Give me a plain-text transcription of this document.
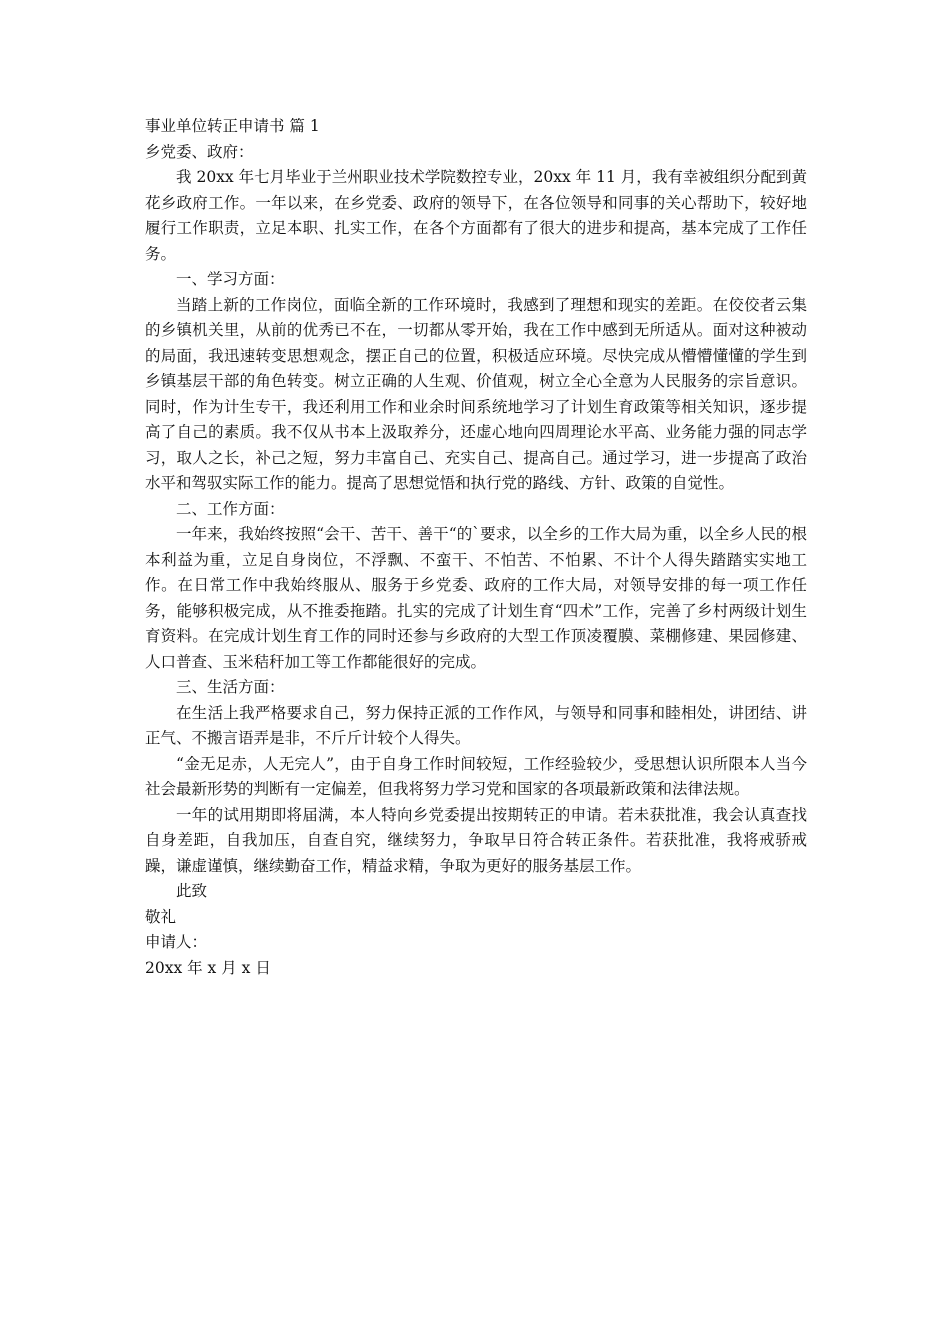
事业单位转正申请书 篇 1

乡党委、政府：

我 20xx 年七月毕业于兰州职业技术学院数控专业，20xx 年 11 月，我有幸被组织分配到黄花乡政府工作。一年以来，在乡党委、政府的领导下，在各位领导和同事的关心帮助下，较好地履行工作职责，立足本职、扎实工作，在各个方面都有了很大的进步和提高，基本完成了工作任务。

一、学习方面：

当踏上新的工作岗位，面临全新的工作环境时，我感到了理想和现实的差距。在佼佼者云集的乡镇机关里，从前的优秀已不在，一切都从零开始，我在工作中感到无所适从。面对这种被动的局面，我迅速转变思想观念，摆正自己的位置，积极适应环境。尽快完成从懵懵懂懂的学生到乡镇基层干部的角色转变。树立正确的人生观、价值观，树立全心全意为人民服务的宗旨意识。同时，作为计生专干，我还利用工作和业余时间系统地学习了计划生育政策等相关知识，逐步提高了自己的素质。我不仅从书本上汲取养分，还虚心地向四周理论水平高、业务能力强的同志学习，取人之长，补己之短，努力丰富自己、充实自己、提高自己。通过学习，进一步提高了政治水平和驾驭实际工作的能力。提高了思想觉悟和执行党的路线、方针、政策的自觉性。

二、工作方面：

一年来，我始终按照“会干、苦干、善干“的`要求，以全乡的工作大局为重，以全乡人民的根本利益为重，立足自身岗位，不浮飘、不蛮干、不怕苦、不怕累、不计个人得失踏踏实实地工作。在日常工作中我始终服从、服务于乡党委、政府的工作大局，对领导安排的每一项工作任务，能够积极完成，从不推委拖踏。扎实的完成了计划生育“四术”工作，完善了乡村两级计划生育资料。在完成计划生育工作的同时还参与乡政府的大型工作顶凌覆膜、菜棚修建、果园修建、人口普查、玉米秸秆加工等工作都能很好的完成。

三、生活方面：

在生活上我严格要求自己，努力保持正派的工作作风，与领导和同事和睦相处，讲团结、讲正气、不搬言语弄是非，不斤斤计较个人得失。

“金无足赤，人无完人”，由于自身工作时间较短，工作经验较少，受思想认识所限本人当今社会最新形势的判断有一定偏差，但我将努力学习党和国家的各项最新政策和法律法规。

一年的试用期即将届满，本人特向乡党委提出按期转正的申请。若未获批准，我会认真查找自身差距，自我加压，自查自究，继续努力，争取早日符合转正条件。若获批准，我将戒骄戒躁，谦虚谨慎，继续勤奋工作，精益求精，争取为更好的服务基层工作。

此致

敬礼

申请人：

20xx 年 x 月 x 日
